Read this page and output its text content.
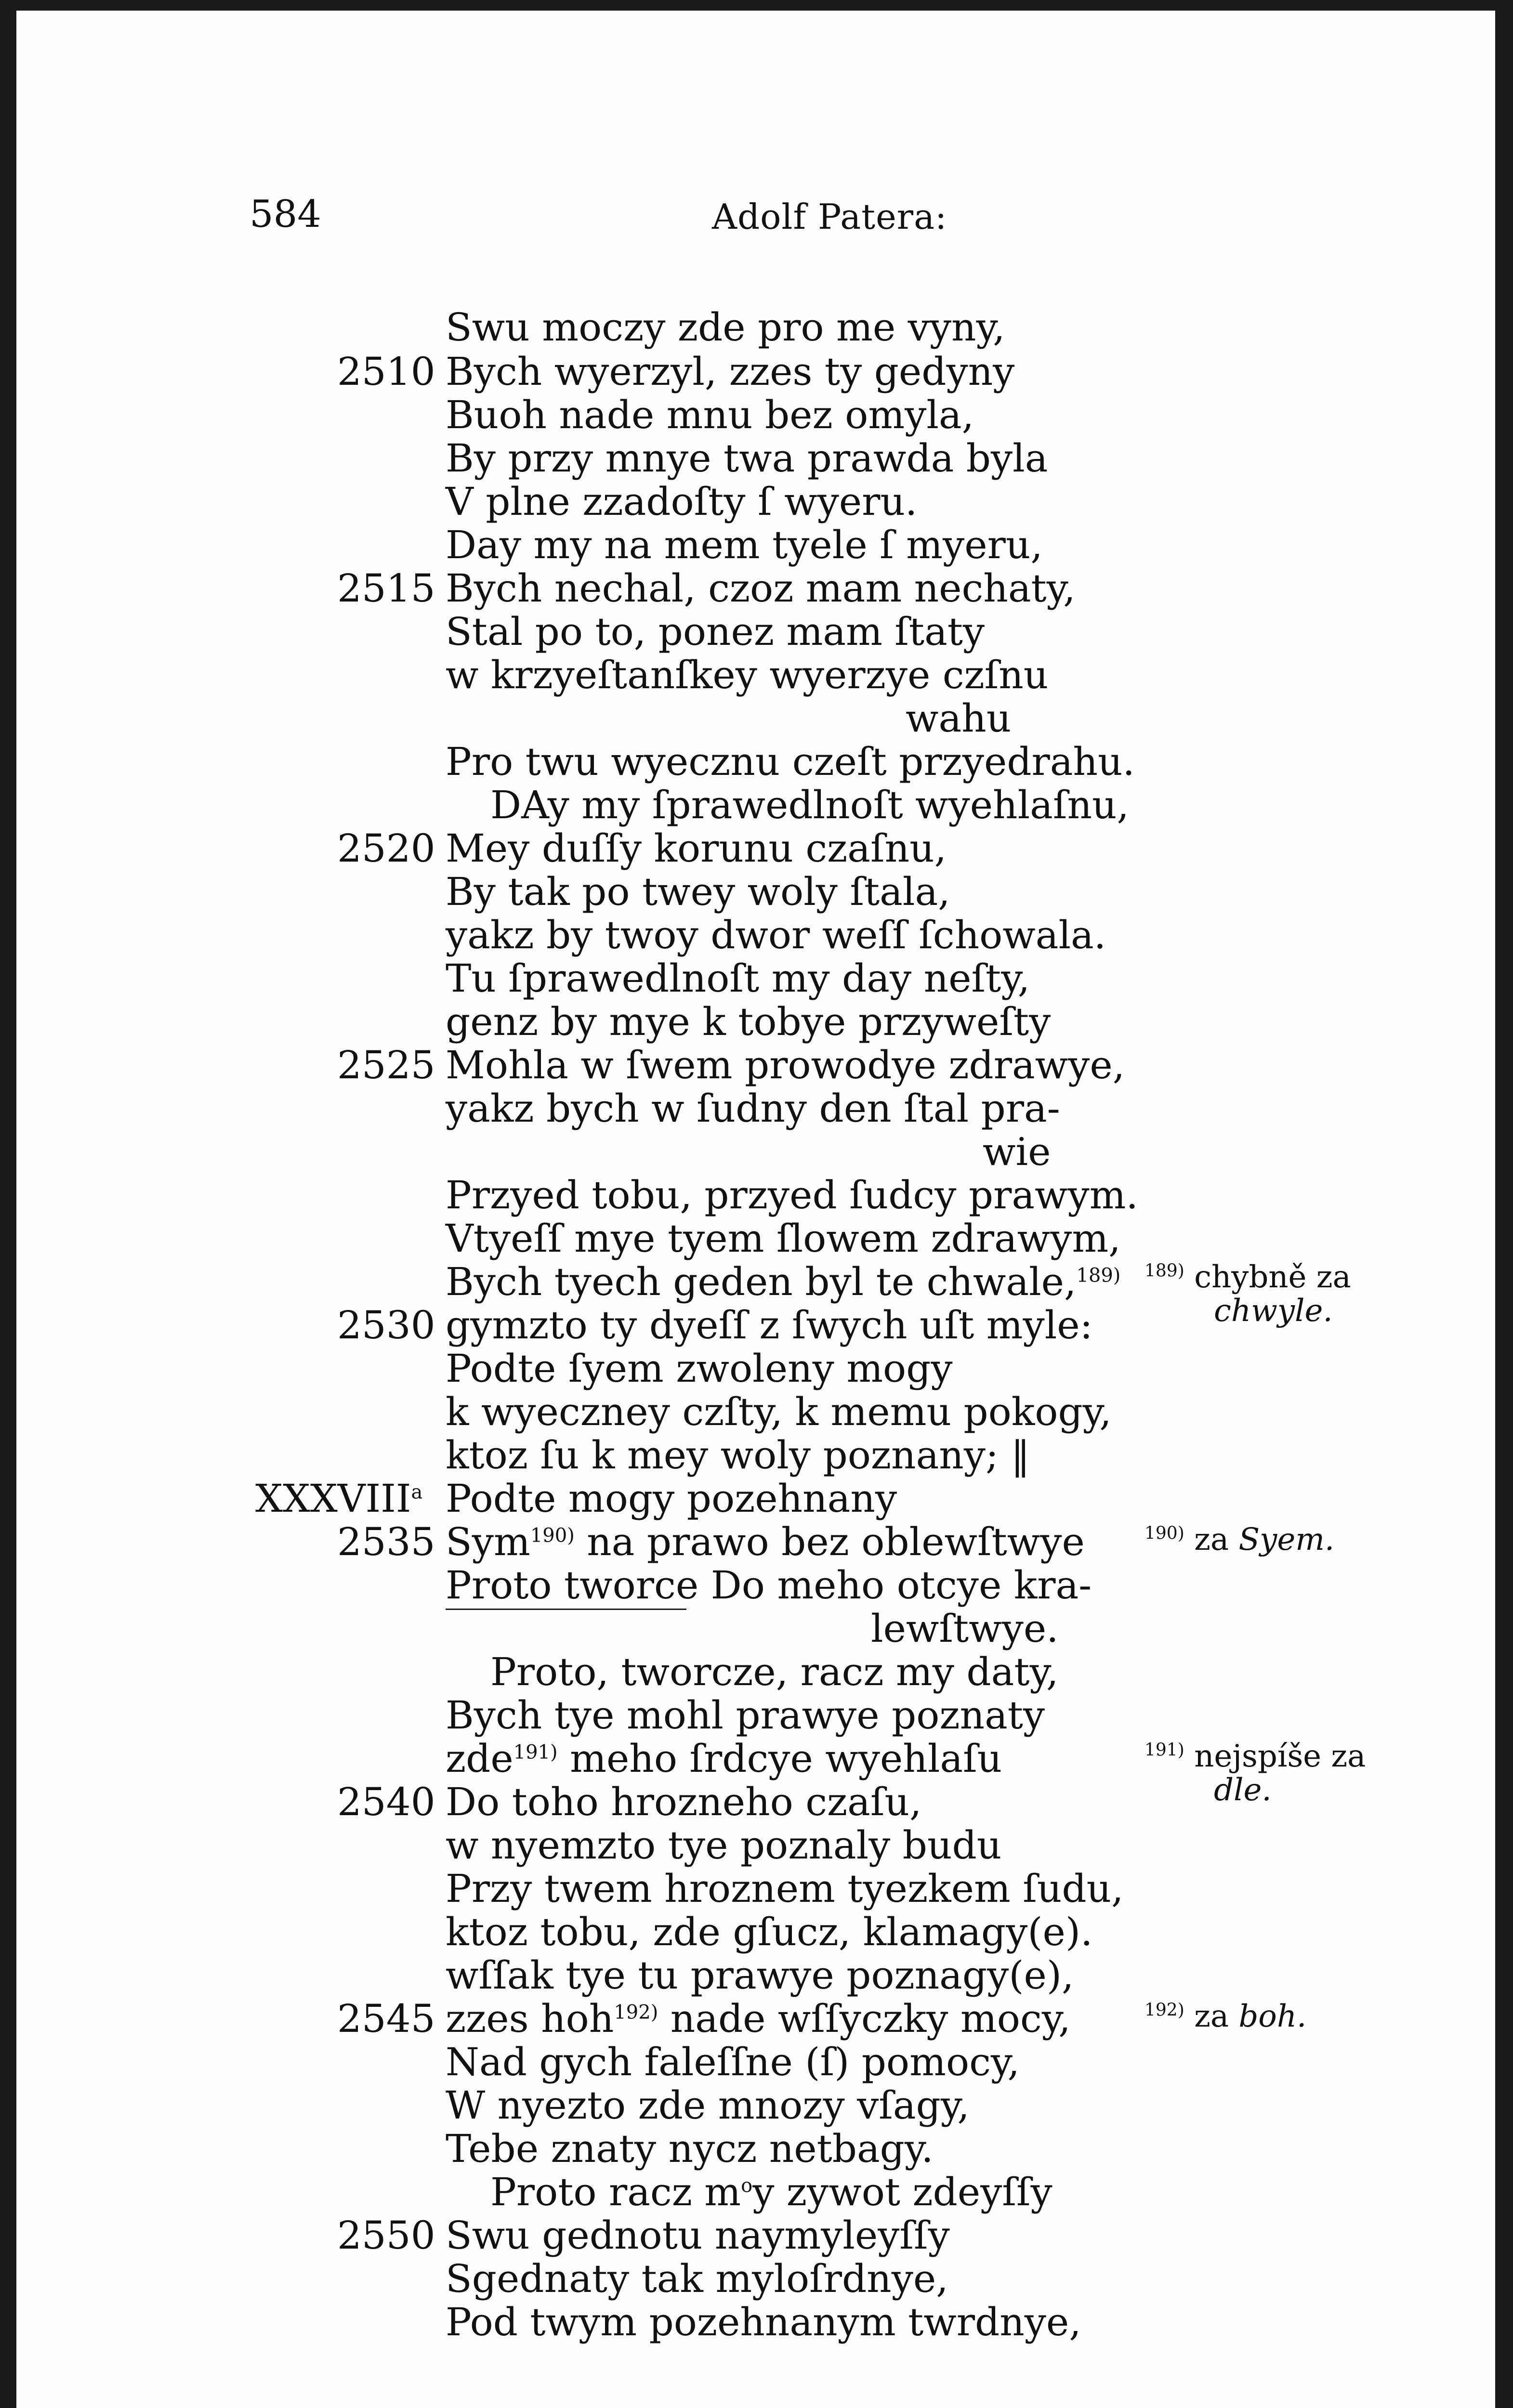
584	Adolf Patera:
Swu moczy zde pro me vyny,
2510 Bych wyerzyl, zzes ty gedyny
Buoh nade mnu bez omyla,
By przy mnye twa prawda byla
V plne zzadoſty ſ wyeru.
Day my na mem tyele ſ myeru,
2515 Bych nechal, czoz mam nechaty,
Stal po to, ponez mam ſtaty
w krzyeſtanſkey wyerzye czſnu
wahu
Pro twu wyecznu czeſt przyedrahu.
DAy my ſprawedlnoſt wyehlaſnu,
2520 Mey duſſy korunu czaſnu,
By tak po twey woly ſtala,
yakz by twoy dwor weſſ ſchowala.
Tu ſprawedlnoſt my day neſty,
genz by mye k tobye przyweſty
2525 Mohla w ſwem prowodye zdrawye,
yakz bych w ſudny den ſtal pra-
wie
Przyed tobu, przyed ſudcy prawym.
Vtyeſſ mye tyem ſlowem zdrawym,
Bych tyech geden byl te chwale,$^{189)}$
2530 gymzto ty dyeſſ z ſwych uſt myle:
Podte ſyem zwoleny mogy
k wyeczney czſty, k memu pokogy,
ktoz ſu k mey woly poznany; ‖
XXXVIII$^a$ Podte mogy pozehnany
2535 Sym$^{190)}$ na prawo bez oblewſtwye
Proto tworce Do meho otcye kra-
lewſtwye.
Proto, tworcze, racz my daty,
Bych tye mohl prawye poznaty
zde$^{191)}$ meho ſrdcye wyehlaſu
2540 Do toho hrozneho czaſu,
w nyemzto tye poznaly budu
Przy twem hroznem tyezkem ſudu,
ktoz tobu, zde gſucz, klamagy(e).
wſſak tye tu prawye poznagy(e),
2545 zzes hoh$^{192)}$ nade wſſyczky mocy,
Nad gych faleſſne (ſ) pomocy,
W nyezto zde mnozy vſagy,
Tebe znaty nycz netbagy.
Proto racz $m^oy$ zywot zdeyſſy
2550 Swu gednotu naymyleyſſy
Sgednaty tak myloſrdnye,
Pod twym pozehnanym twrdnye,
$^{189)}$ chybně za
chwyle.
$^{190)}$ za Syem.
$^{191)}$ nejspíše za
dle.
$^{192)}$ za boh.
